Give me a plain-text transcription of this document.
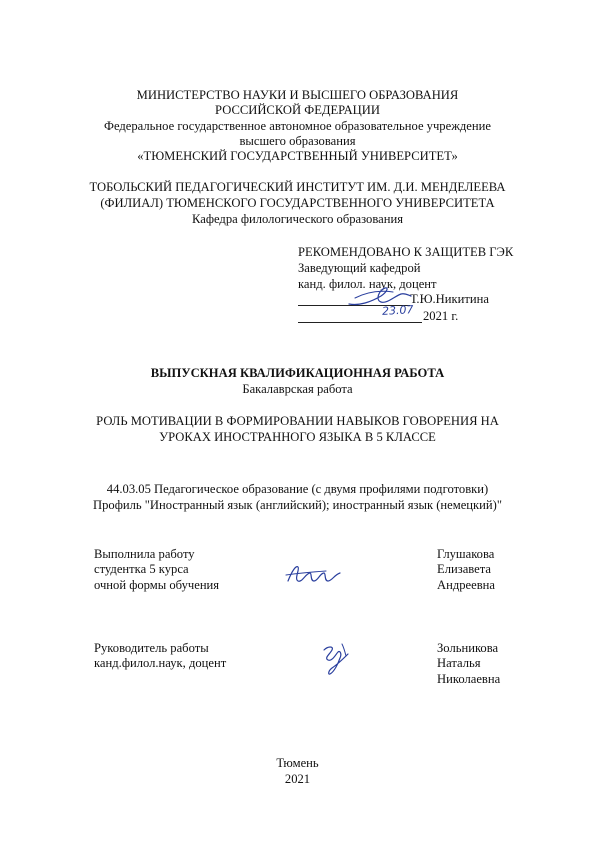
МИНИСТЕРСТВО НАУКИ И ВЫСШЕГО ОБРАЗОВАНИЯ
РОССИЙСКОЙ ФЕДЕРАЦИИ
Федеральное государственное автономное образовательное учреждение
высшего образования
«ТЮМЕНСКИЙ ГОСУДАРСТВЕННЫЙ УНИВЕРСИТЕТ»
ТОБОЛЬСКИЙ ПЕДАГОГИЧЕСКИЙ ИНСТИТУТ ИМ. Д.И. МЕНДЕЛЕЕВА
(ФИЛИАЛ) ТЮМЕНСКОГО ГОСУДАРСТВЕННОГО УНИВЕРСИТЕТА
Кафедра филологического образования
РЕКОМЕНДОВАНО К ЗАЩИТЕВ ГЭК
Заведующий кафедрой
канд. филол. наук, доцент
Т.Ю.Никитина
23.07 2021 г.
ВЫПУСКНАЯ КВАЛИФИКАЦИОННАЯ РАБОТА
Бакалаврская работа
РОЛЬ МОТИВАЦИИ В ФОРМИРОВАНИИ НАВЫКОВ ГОВОРЕНИЯ НА
УРОКАХ ИНОСТРАННОГО ЯЗЫКА В 5 КЛАССЕ
44.03.05 Педагогическое образование (с двумя профилями подготовки)
Профиль "Иностранный язык (английский); иностранный язык (немецкий)"
Выполнила работу
студентка 5 курса
очной формы обучения
Глушакова
Елизавета
Андреевна
Руководитель работы
канд.филол.наук, доцент
Зольникова
Наталья
Николаевна
Тюмень
2021
